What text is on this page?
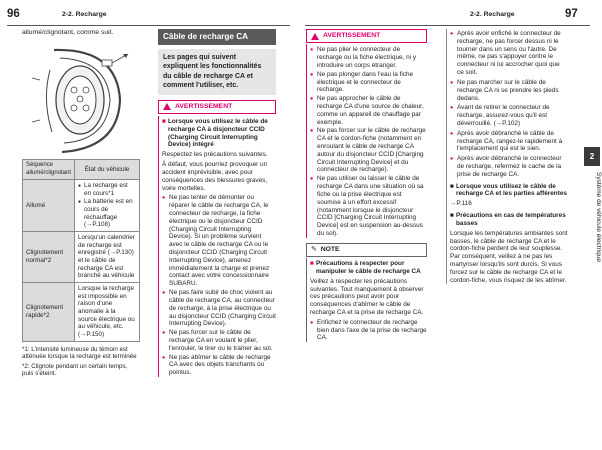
96	2-2. Recharge

allumé/clignotant, comme suit.

Séquence allumé/clignotant	État du véhicule
Allumé	● La recharge est en cours*1
● La batterie est en cours de réchauffage (→P.108)

Clignotement normal*2	Lorsqu'un calendrier de recharge est enregistré (→P.130) et le câble de recharge CA est branché au véhicule
Clignotement rapide*2	Lorsque la recharge est impossible en raison d'une anomalie à la source électrique ou au véhicule, etc. (→P.150)

*1: L'intensité lumineuse du témoin est atténuée lorsque la recharge est terminée

*2: Clignote pendant un certain temps, puis s'éteint.

Câble de recharge CA
Les pages qui suivent expliquent les fonctionnalités du câble de recharge CA et comment l'utiliser, etc.
AVERTISSEMENT

■ Lorsque vous utilisez le câble de recharge CA à disjoncteur CCID (Charging Circuit Interrupting Device) intégré

Respectez les précautions suivantes.

À défaut, vous pourriez provoquer un accident imprévisible, avec pour conséquences des blessures graves, voire mortelles.

● Ne pas tenter de démonter ou réparer le câble de recharge CA, le connecteur de recharge, la fiche électrique ou le disjoncteur CCID (Charging Circuit Interrupting Device). Si un problème survient avec le câble de recharge CA ou le disjoncteur CCID (Charging Circuit Interrupting Device), amenez immédiatement la charge et prenez contact avec votre concessionnaire SUBARU.
● Ne pas faire subir de choc violent au câble de recharge CA, au connecteur de recharge, à la prise électrique ou au disjoncteur CCID (Charging Circuit Interrupting Device).
● Ne pas forcer sur le câble de recharge CA en voulant le plier, l'enrouler, le tirer ou le traîner au sol.
● Ne pas abîmer le câble de recharge CA avec des objets tranchants ou pointus.
2-2. Recharge	97
AVERTISSEMENT
● Ne pas plier le connecteur de recharge ou la fiche électrique, ni y introduire un corps étranger.
● Ne pas plonger dans l'eau la fiche électrique et le connecteur de recharge.
● Ne pas approcher le câble de recharge CA d'une source de chaleur, comme un appareil de chauffage par exemple.
● Ne pas forcer sur le câble de recharge CA et le cordon-fiche (notamment en enroulant le câble de recharge CA autour du disjoncteur CCID [Charging Circuit Interrupting Device] et du connecteur de recharge).
● Ne pas utiliser ou laisser le câble de recharge CA dans une situation où sa fiche ou la prise électrique est soumise à un effort excessif (notamment lorsque le disjoncteur CCID [Charging Circuit Interrupting Device] est en suspension au-dessus du sol).
✎ NOTE

■ Précautions à respecter pour manipuler le câble de recharge CA

Veillez à respecter les précautions suivantes. Tout manquement à observer ces précautions peut avoir pour conséquences d'abîmer le câble de recharge CA et la prise de recharge CA.

● Enfichez le connecteur de recharge bien dans l'axe de la prise de recharge CA.
● Après avoir enfiché le connecteur de recharge, ne pas forcer dessus ni le tourner dans un sens ou l'autre. De même, ne pas s'appuyer contre le connecteur ni lui accrocher quoi que ce soit.
● Ne pas marcher sur le câble de recharge CA ni se prendre les pieds dedans.
● Avant de retirer le connecteur de recharge, assurez-vous qu'il est déverrouillé. (→P.102)
● Après avoir débranché le câble de recharge CA, rangez-le rapidement à l'emplacement qui est le sien.
● Après avoir débranché le connecteur de recharge, refermez le cache de la prise de recharge CA.

■ Lorsque vous utilisez le câble de recharge CA et les parties afférentes

→P.116

■ Précautions en cas de températures basses

Lorsque les températures ambiantes sont basses, le câble de recharge CA et le cordon-fiche perdent de leur souplesse. Par conséquent, veillez à ne pas les martyriser lorsqu'ils sont durcis. Si vous forcez sur le câble de recharge CA et le cordon-fiche, vous risquez de les abîmer.

2
Système de véhicule électrique
